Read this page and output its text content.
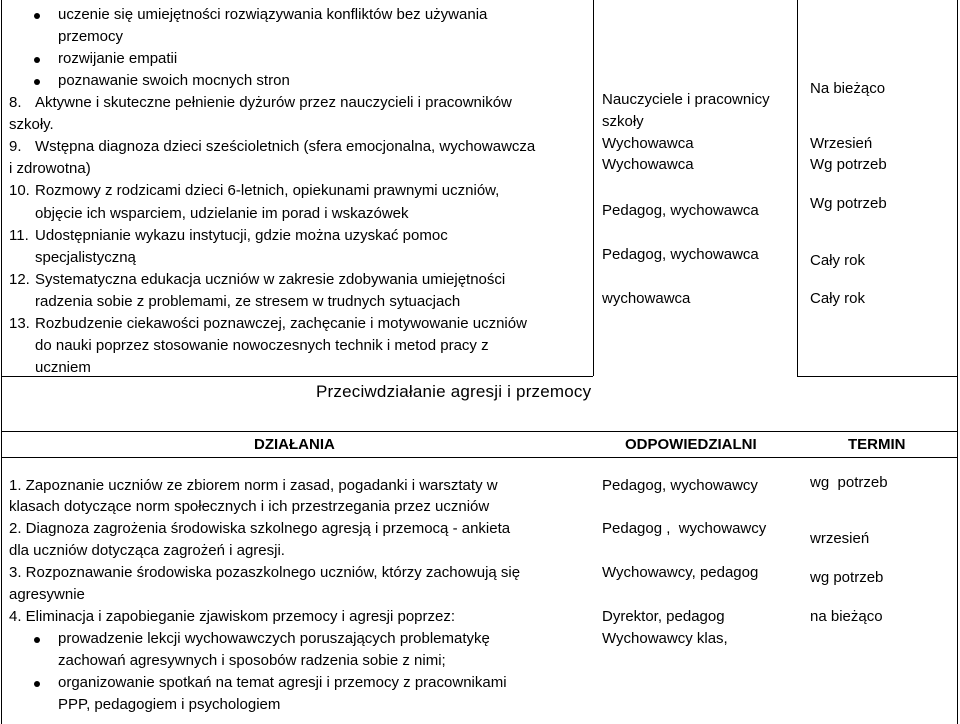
uczenie się umiejętności rozwiązywania konfliktów bez używania
przemocy
rozwijanie empatii
poznawanie swoich mocnych stron
8. Aktywne i skuteczne pełnienie dyżurów przez nauczycieli i pracowników
szkoły.
9. Wstępna diagnoza dzieci sześcioletnich (sfera emocjonalna, wychowawcza
i zdrowotna)
10. Rozmowy z rodzicami dzieci 6-letnich, opiekunami prawnymi uczniów,
objęcie ich wsparciem, udzielanie im porad i wskazówek
11. Udostępnianie wykazu instytucji, gdzie można uzyskać pomoc
specjalistyczną
12. Systematyczna edukacja uczniów w zakresie zdobywania umiejętności
radzenia sobie z problemami, ze stresem w trudnych sytuacjach
13. Rozbudzenie ciekawości poznawczej, zachęcanie i motywowanie uczniów
do nauki poprzez stosowanie nowoczesnych technik i metod pracy z
uczniem
Nauczyciele i pracownicy
szkoły
Wychowawca
Wychowawca
Pedagog, wychowawca
Pedagog, wychowawca
wychowawca
Na bieżąco
Wrzesień
Wg potrzeb
Wg potrzeb
Cały rok
Cały rok
Przeciwdziałanie agresji i przemocy
DZIAŁANIA	ODPOWIEDZIALNI	TERMIN
1. Zapoznanie uczniów ze zbiorem norm i zasad, pogadanki i warsztaty w
klasach dotyczące norm społecznych i ich przestrzegania przez uczniów
2. Diagnoza zagrożenia środowiska szkolnego agresją i przemocą - ankieta
dla uczniów dotycząca zagrożeń i agresji.
3. Rozpoznawanie środowiska pozaszkolnego uczniów, którzy zachowują się
agresywnie
4. Eliminacja i zapobieganie zjawiskom przemocy i agresji poprzez:
prowadzenie lekcji wychowawczych poruszających problematykę
zachowań agresywnych i sposobów radzenia sobie z nimi;
organizowanie spotkań na temat agresji i przemocy z pracownikami
PPP, pedagogiem i psychologiem
Pedagog, wychowawcy
Pedagog ,  wychowawcy
Wychowawcy, pedagog
Dyrektor, pedagog
Wychowawcy klas,
wg  potrzeb
wrzesień
wg potrzeb
na bieżąco
